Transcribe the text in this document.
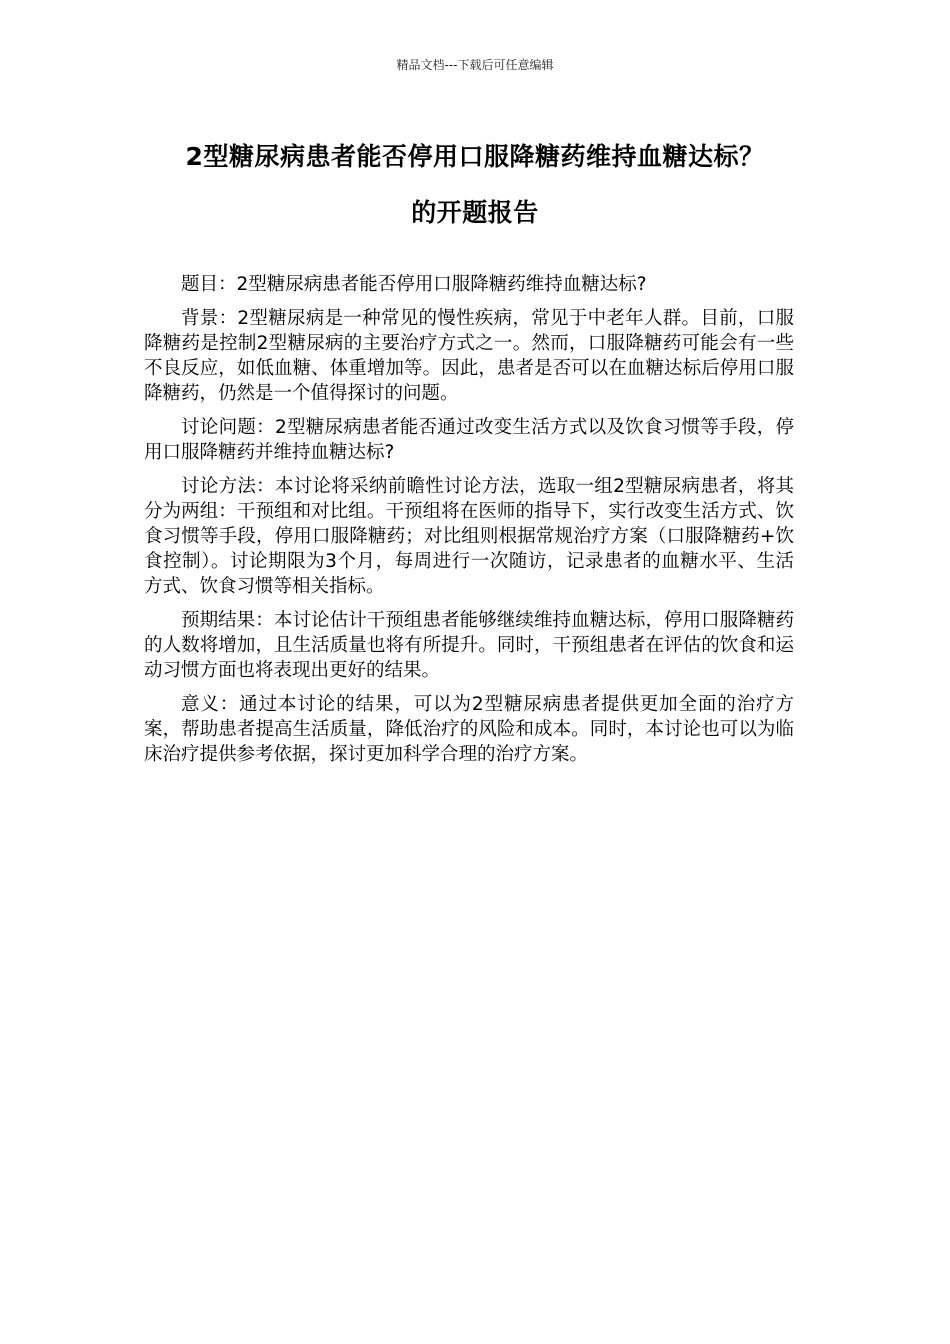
精品文档---下载后可任意编辑
2型糖尿病患者能否停用口服降糖药维持血糖达标？
的开题报告

题目：2型糖尿病患者能否停用口服降糖药维持血糖达标?

背景：2型糖尿病是一种常见的慢性疾病，常见于中老年人群。目前，口服降糖药是控制2型糖尿病的主要治疗方式之一。然而，口服降糖药可能会有一些不良反应，如低血糖、体重增加等。因此，患者是否可以在血糖达标后停用口服降糖药，仍然是一个值得探讨的问题。

讨论问题：2型糖尿病患者能否通过改变生活方式以及饮食习惯等手段，停用口服降糖药并维持血糖达标?

讨论方法：本讨论将采纳前瞻性讨论方法，选取一组2型糖尿病患者，将其分为两组：干预组和对比组。干预组将在医师的指导下，实行改变生活方式、饮食习惯等手段，停用口服降糖药；对比组则根据常规治疗方案（口服降糖药+饮食控制）。讨论期限为3个月，每周进行一次随访，记录患者的血糖水平、生活方式、饮食习惯等相关指标。

预期结果：本讨论估计干预组患者能够继续维持血糖达标，停用口服降糖药的人数将增加，且生活质量也将有所提升。同时，干预组患者在评估的饮食和运动习惯方面也将表现出更好的结果。

意义：通过本讨论的结果，可以为2型糖尿病患者提供更加全面的治疗方案，帮助患者提高生活质量，降低治疗的风险和成本。同时，本讨论也可以为临床治疗提供参考依据，探讨更加科学合理的治疗方案。
